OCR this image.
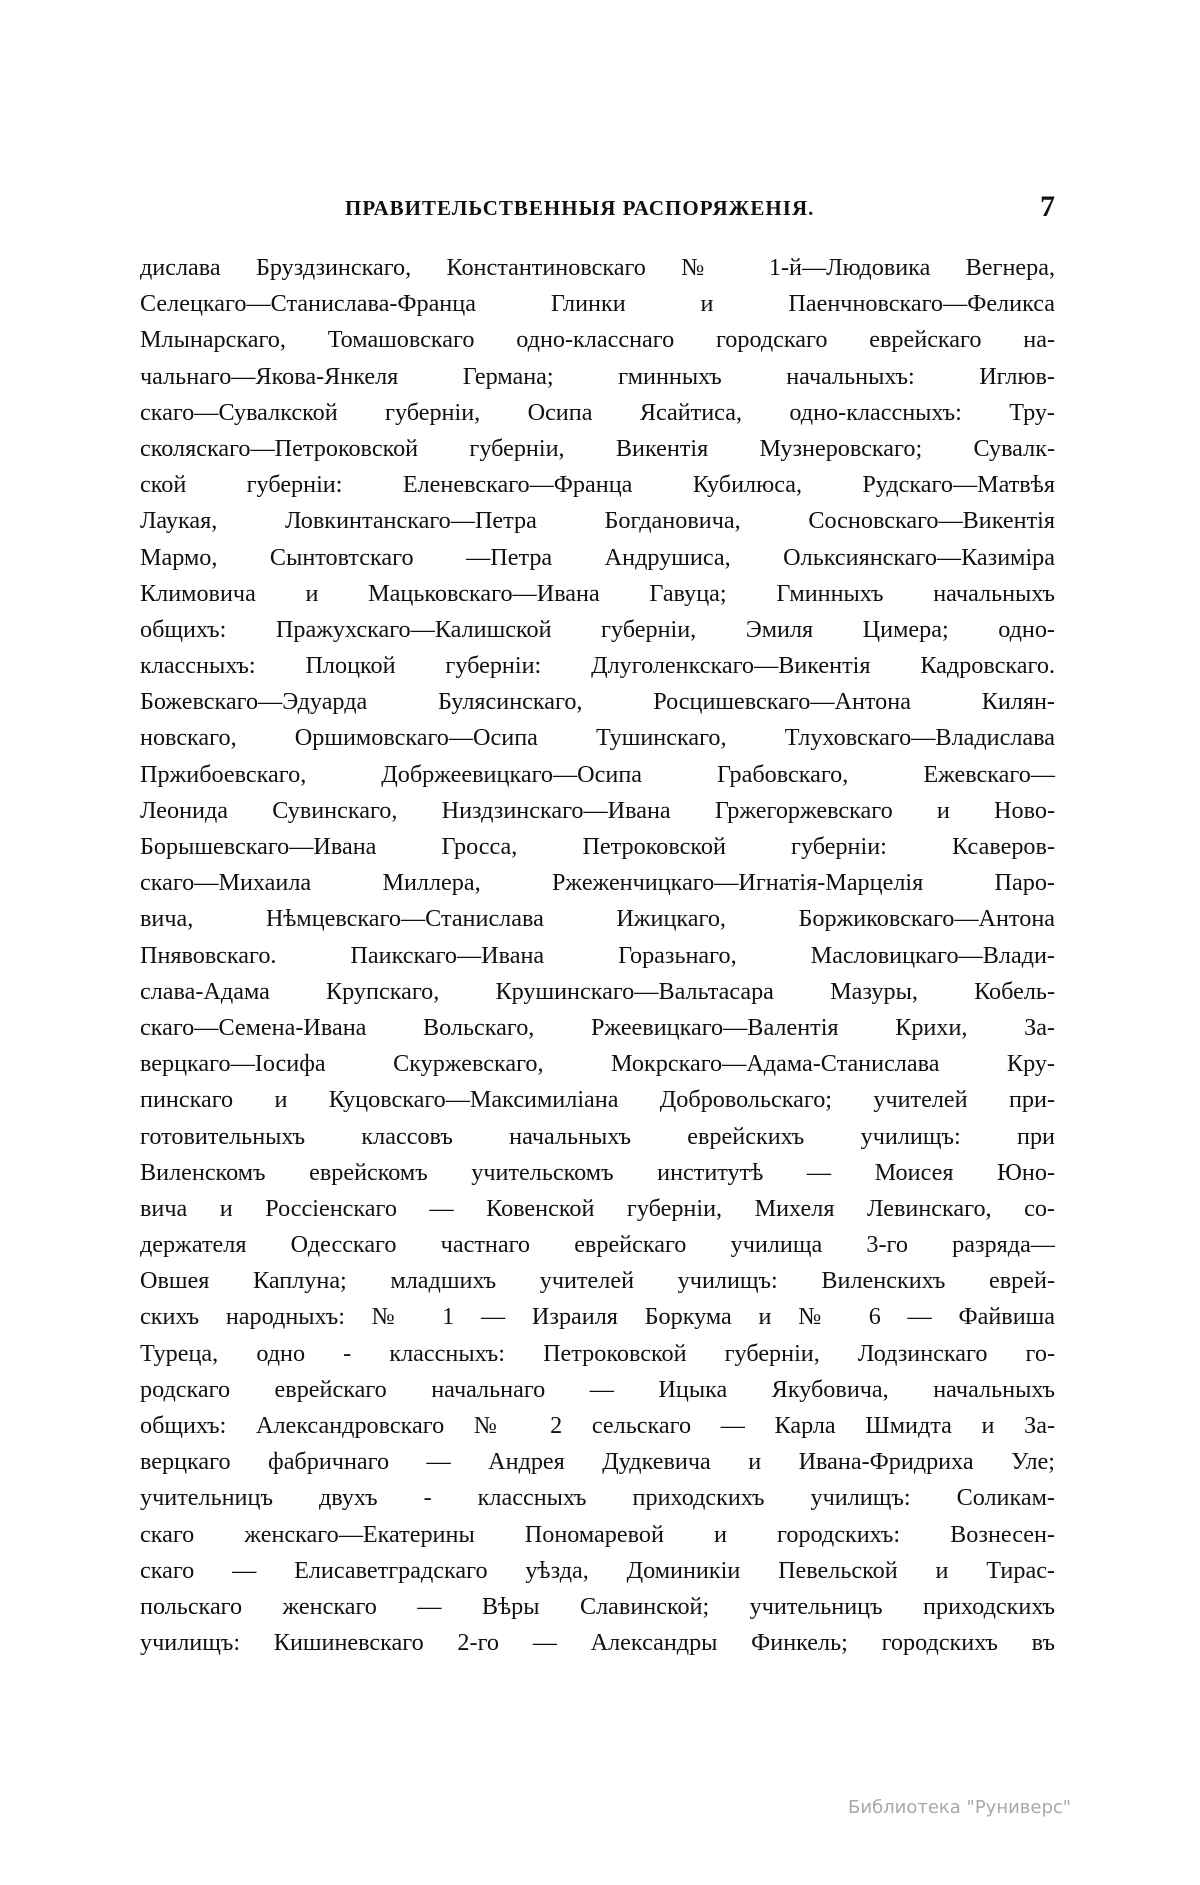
ПРАВИТЕЛЬСТВЕННЫЯ РАСПОРЯЖЕНІЯ.	7
дислава Бруздзинскаго, Константиновскаго № 1-й—Людовика Вегнера,
Селецкаго—Станислава-Франца Глинки и Паенчновскаго—Феликса
Млынарскаго, Томашовскаго одно-класснаго городскаго еврейскаго на-
чальнаго—Якова-Янкеля Германа; гминныхъ начальныхъ: Иглюв-
скаго—Сувалкской губерніи, Осипа Ясайтиса, одно-классныхъ: Тру-
сколяскаго—Петроковской губерніи, Викентія Музнеровскаго; Сувалк-
ской губерніи: Еленевскаго—Франца Кубилюса, Рудскаго—Матвѣя
Лаукая, Ловкинтанскаго—Петра Богдановича, Сосновскаго—Викентія
Мармо, Сынтовтскаго —Петра Андрушиса, Ольксиянскаго—Казиміра
Климовича и Мацьковскаго—Ивана Гавуца; Гминныхъ начальныхъ
общихъ: Пражухскаго—Калишской губерніи, Эмиля Цимера; одно-
классныхъ: Плоцкой губерніи: Длуголенкскаго—Викентія Кадровскаго.
Божевскаго—Эдуарда Булясинскаго, Росцишевскаго—Антона Килян-
новскаго, Оршимовскаго—Осипа Тушинскаго, Тлуховскаго—Владислава
Пржибоевскаго, Добржеевицкаго—Осипа Грабовскаго, Ежевскаго—
Леонида Сувинскаго, Низдзинскаго—Ивана Гржегоржевскаго и Ново-
Борышевскаго—Ивана Гросса, Петроковской губерніи: Ксаверов-
скаго—Михаила Миллера, Ржеженчицкаго—Игнатія-Марцелія Паро-
вича, Нѣмцевскаго—Станислава Ижицкаго, Боржиковскаго—Антона
Пнявовскаго. Паикскаго—Ивана Горазьнаго, Масловицкаго—Влади-
слава-Адама Крупскаго, Крушинскаго—Вальтасара Мазуры, Кобель-
скаго—Семена-Ивана Вольскаго, Ржеевицкаго—Валентія Крихи, За-
верцкаго—Іосифа Скуржевскаго, Мокрскаго—Адама-Станислава Кру-
пинскаго и Куцовскаго—Максимиліана Добровольскаго; учителей при-
готовительныхъ классовъ начальныхъ еврейскихъ училищъ: при
Виленскомъ еврейскомъ учительскомъ институтѣ — Моисея Юно-
вича и Россіенскаго — Ковенской губерніи, Михеля Левинскаго, со-
держателя Одесскаго частнаго еврейскаго училища 3-го разряда—
Овшея Каплуна; младшихъ учителей училищъ: Виленскихъ еврей-
скихъ народныхъ: № 1 — Израиля Боркума и № 6 — Файвиша
Турецa, одно - классныхъ: Петроковской губерніи, Лодзинскаго го-
родскаго еврейскаго начальнаго — Ицыка Якубовича, начальныхъ
общихъ: Александровскаго № 2 сельскаго — Карла Шмидта и За-
верцкаго фабричнаго — Андрея Дудкевича и Ивана-Фридриха Уле;
учительницъ двухъ - классныхъ приходскихъ училищъ: Соликам-
скаго женскаго—Екатерины Пономаревой и городскихъ: Вознесен-
скаго — Елисаветградскаго уѣзда, Доминикіи Певельской и Тирас-
польскаго женскаго — Вѣры Славинской; учительницъ приходскихъ
училищъ: Кишиневскаго 2-го — Александры Финкель; городскихъ въ
Библиотека "Руниверс"
